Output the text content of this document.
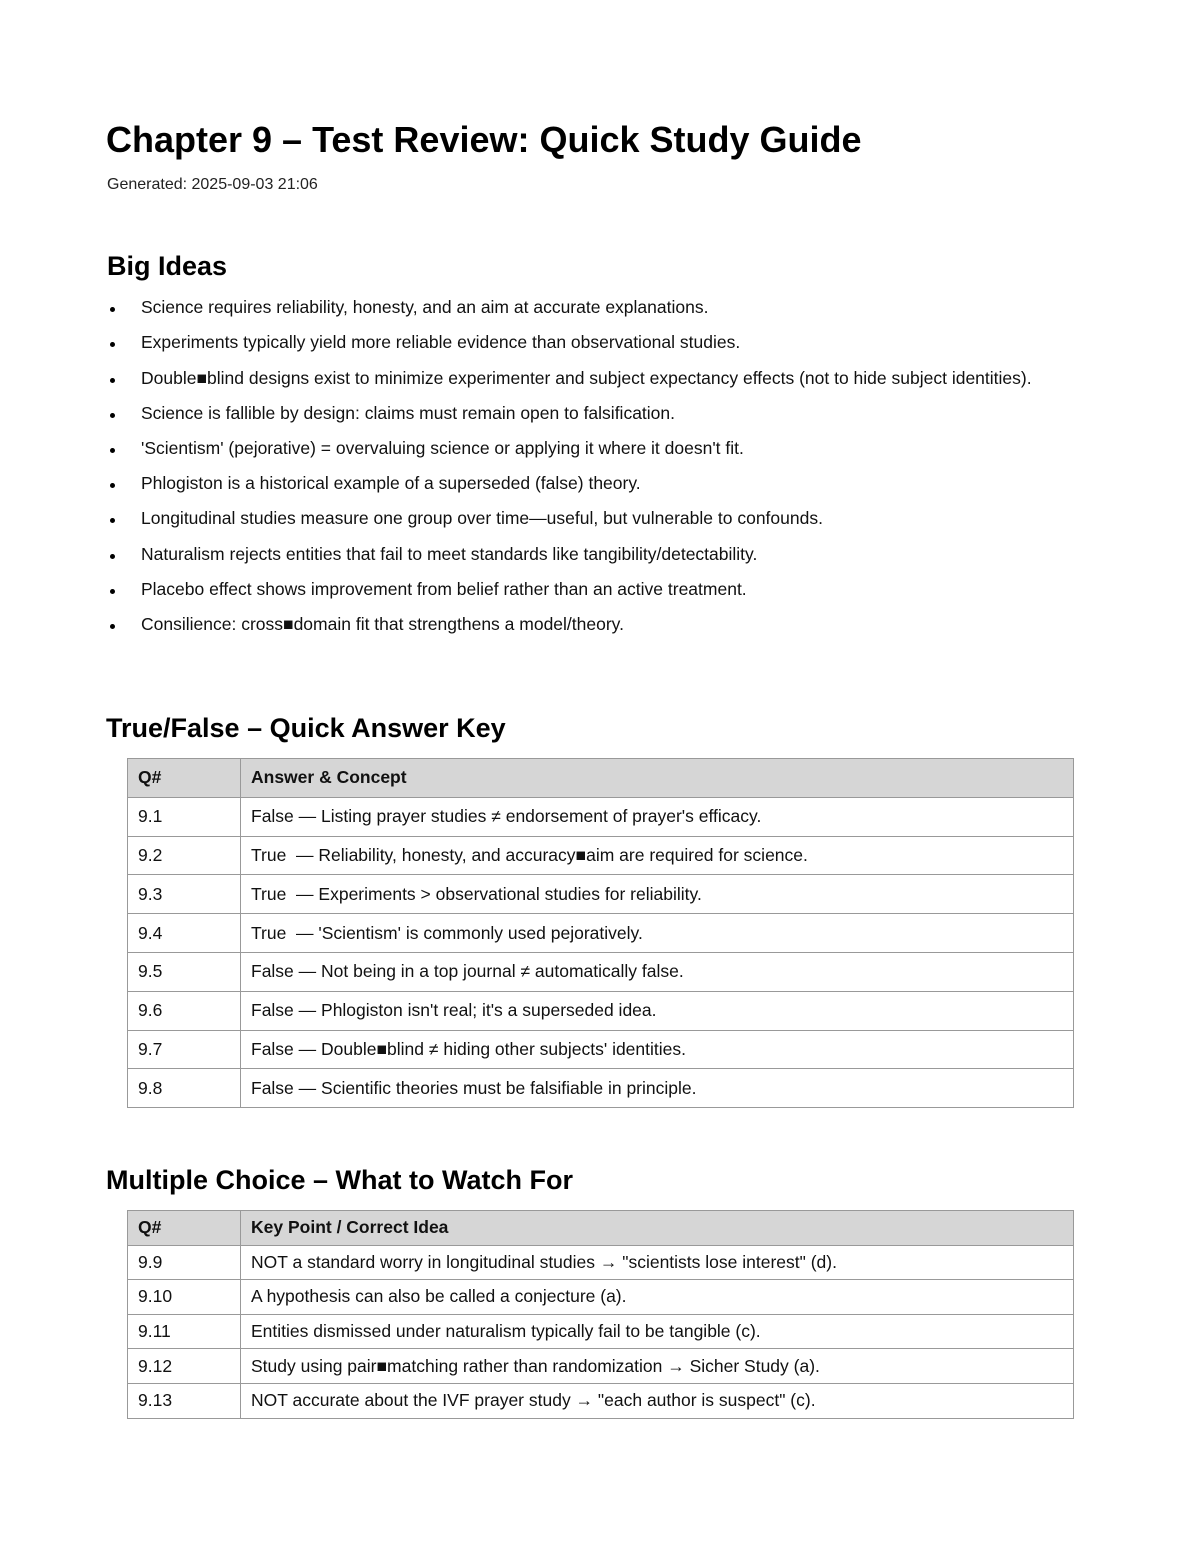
Chapter 9 – Test Review: Quick Study Guide

Generated: 2025-09-03 21:06

Big Ideas
Science requires reliability, honesty, and an aim at accurate explanations.
Experiments typically yield more reliable evidence than observational studies.
Double■blind designs exist to minimize experimenter and subject expectancy effects (not to hide subject identities).
Science is fallible by design: claims must remain open to falsification.
'Scientism' (pejorative) = overvaluing science or applying it where it doesn't fit.
Phlogiston is a historical example of a superseded (false) theory.
Longitudinal studies measure one group over time—useful, but vulnerable to confounds.
Naturalism rejects entities that fail to meet standards like tangibility/detectability.
Placebo effect shows improvement from belief rather than an active treatment.
Consilience: cross■domain fit that strengthens a model/theory.
True/False – Quick Answer Key
Q#	Answer & Concept
9.1	False — Listing prayer studies ≠ endorsement of prayer's efficacy.
9.2	True  — Reliability, honesty, and accuracy■aim are required for science.
9.3	True  — Experiments > observational studies for reliability.
9.4	True  — 'Scientism' is commonly used pejoratively.
9.5	False — Not being in a top journal ≠ automatically false.
9.6	False — Phlogiston isn't real; it's a superseded idea.
9.7	False — Double■blind ≠ hiding other subjects' identities.
9.8	False — Scientific theories must be falsifiable in principle.
Multiple Choice – What to Watch For
Q#	Key Point / Correct Idea
9.9	NOT a standard worry in longitudinal studies → "scientists lose interest" (d).
9.10	A hypothesis can also be called a conjecture (a).
9.11	Entities dismissed under naturalism typically fail to be tangible (c).
9.12	Study using pair■matching rather than randomization → Sicher Study (a).
9.13	NOT accurate about the IVF prayer study → "each author is suspect" (c).
